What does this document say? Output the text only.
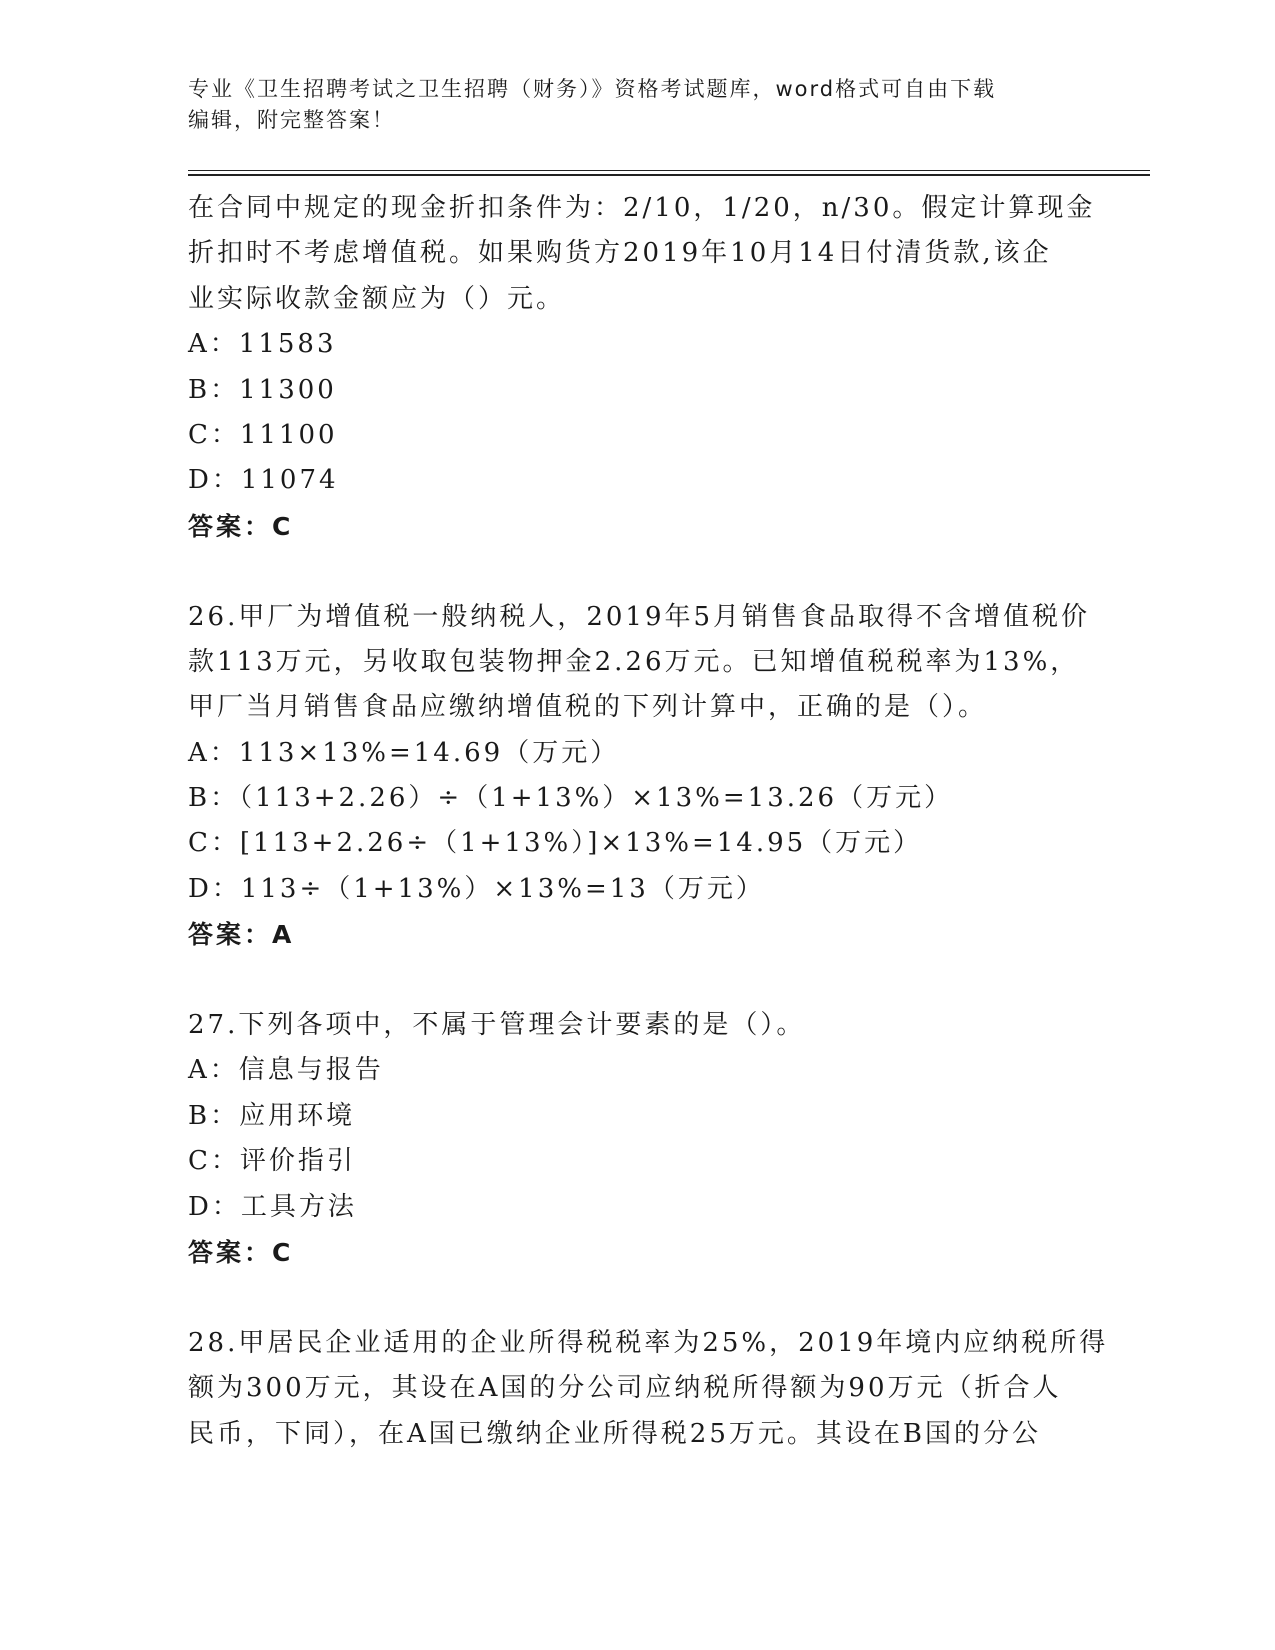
专业《卫生招聘考试之卫生招聘（财务）》资格考试题库，word格式可自由下载
编辑，附完整答案！
在合同中规定的现金折扣条件为：2/10，1/20，n/30。假定计算现金
折扣时不考虑增值税。如果购货方2019年10月14日付清货款,该企
业实际收款金额应为（）元。
A：11583
B：11300
C：11100
D：11074
答案：C
26.甲厂为增值税一般纳税人，2019年5月销售食品取得不含增值税价
款113万元，另收取包装物押金2.26万元。已知增值税税率为13%，
甲厂当月销售食品应缴纳增值税的下列计算中，正确的是（）。
A：113×13%=14.69（万元）
B：（113+2.26）÷（1+13%）×13%=13.26（万元）
C：[113+2.26÷（1+13%）]×13%=14.95（万元）
D：113÷（1+13%）×13%=13（万元）
答案：A
27.下列各项中，不属于管理会计要素的是（）。
A：信息与报告
B：应用环境
C：评价指引
D：工具方法
答案：C
28.甲居民企业适用的企业所得税税率为25%，2019年境内应纳税所得
额为300万元，其设在A国的分公司应纳税所得额为90万元（折合人
民币，下同），在A国已缴纳企业所得税25万元。其设在B国的分公
